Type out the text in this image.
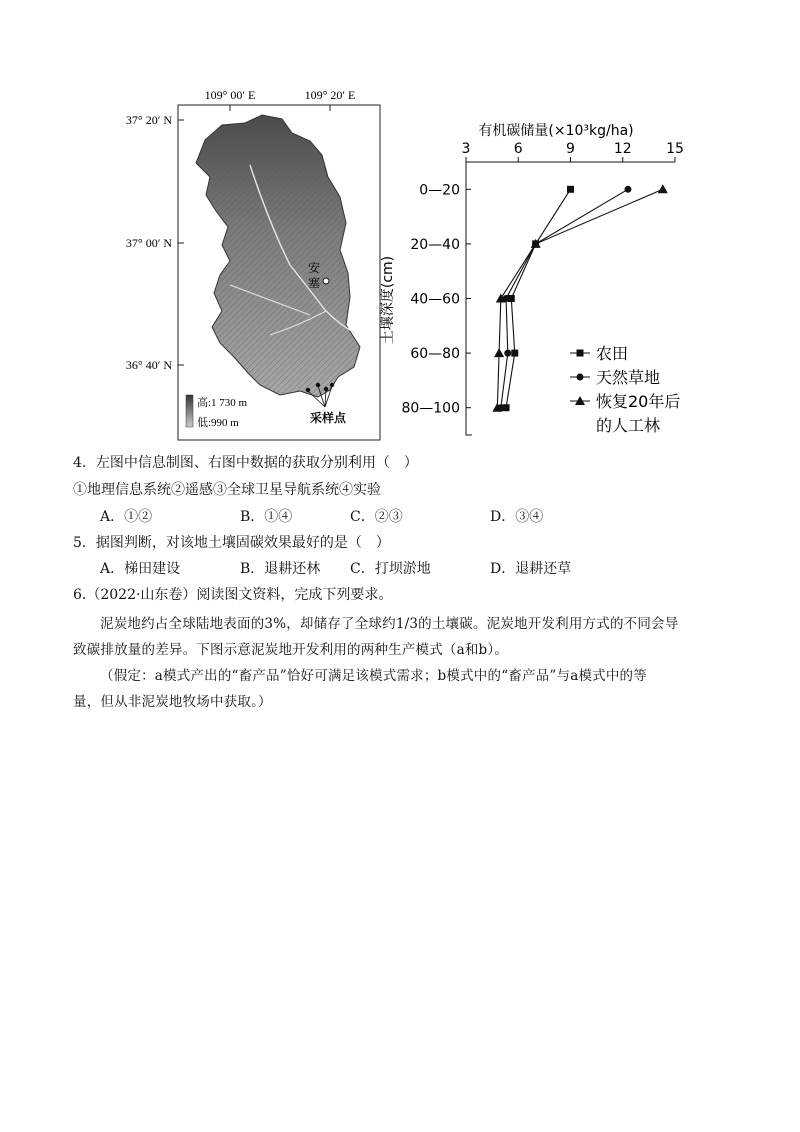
109° 00′ E	109° 20′ E
37° 20′ N
37° 00′ N
36° 40′ N
安
塞
采样点
高:1 730 m
低:990 m
有机碳储量(×10³kg/ha)
3	6	9	12 15
0—20
20—40
40—60
60—80
80—100
农田
天然草地
恢复20年后
的人工林
土壤深度(cm)
4．左图中信息制图、右图中数据的获取分别利用（　）
①地理信息系统②遥感③全球卫星导航系统④实验
A．①②	B．①④	C．②③	D．③④
5．据图判断，对该地土壤固碳效果最好的是（　）
A．梯田建设	B．退耕还林 C．打坝淤地	D．退耕还草
6.（2022·山东卷）阅读图文资料，完成下列要求。
泥炭地约占全球陆地表面的3%，却储存了全球约1/3的土壤碳。泥炭地开发利用方式的不同会导
致碳排放量的差异。下图示意泥炭地开发利用的两种生产模式（a和b）。
（假定：a模式产出的“畜产品”恰好可满足该模式需求；b模式中的“畜产品”与a模式中的等
量，但从非泥炭地牧场中获取。）
